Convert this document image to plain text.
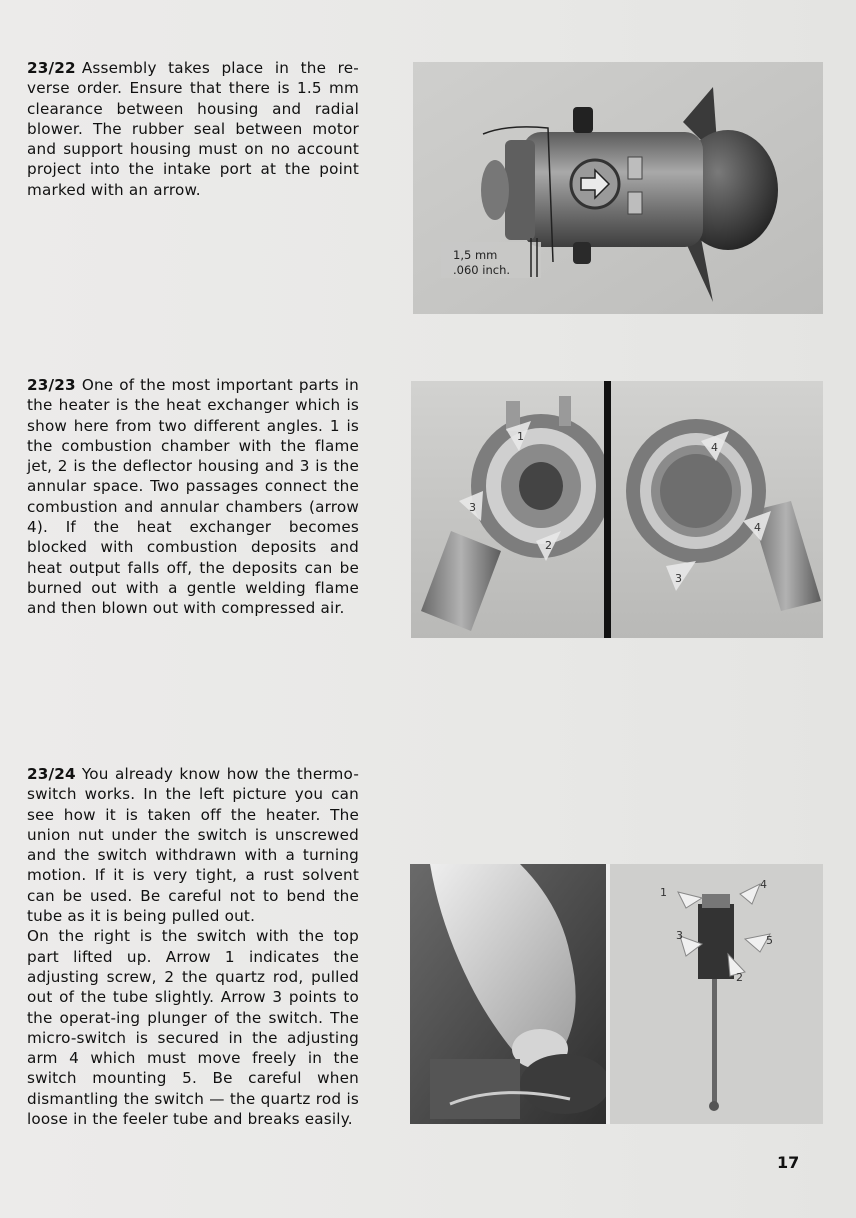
23/22 Assembly takes place in the re-verse order. Ensure that there is 1.5 mm clearance between housing and radial blower. The rubber seal between motor and support housing must on no account project into the intake port at the point marked with an arrow.

23/23 One of the most important parts in the heater is the heat exchanger which is show here from two different angles. 1 is the combustion chamber with the flame jet, 2 is the deflector housing and 3 is the annular space. Two passages connect the combustion and annular chambers (arrow 4). If the heat exchanger becomes blocked with combustion deposits and heat output falls off, the deposits can be burned out with a gentle welding flame and then blown out with compressed air.

23/24 You already know how the thermo-switch works. In the left picture you can see how it is taken off the heater. The union nut under the switch is unscrewed and the switch withdrawn with a turning motion. If it is very tight, a rust solvent can be used. Be careful not to bend the tube as it is being pulled out.

On the right is the switch with the top part lifted up. Arrow 1 indicates the adjusting screw, 2 the quartz rod, pulled out of the tube slightly. Arrow 3 points to the operat-ing plunger of the switch. The micro-switch is secured in the adjusting arm 4 which must move freely in the switch mounting 5. Be careful when dismantling the switch — the quartz rod is loose in the feeler tube and breaks easily.

1,5 mm
.060 inch.
1
2
3
3
4
4
1
2
3
4
5
17
